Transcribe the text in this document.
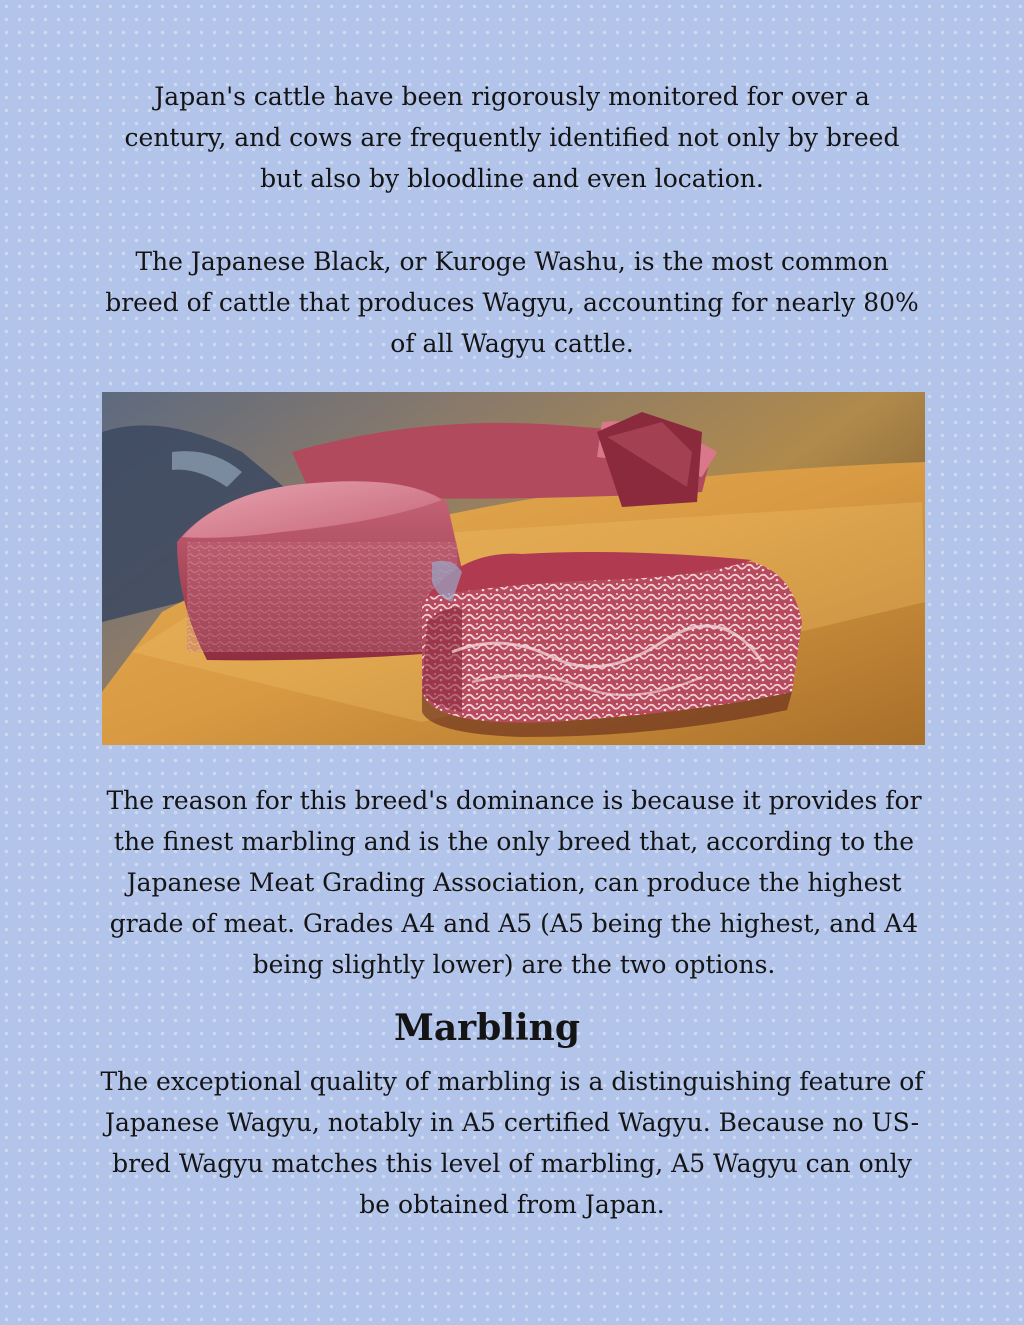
Japan's cattle have been rigorously monitored for over a century, and cows are frequently identified not only by breed but also by bloodline and even location.

The Japanese Black, or Kuroge Washu, is the most common breed of cattle that produces Wagyu, accounting for nearly 80% of all Wagyu cattle.

The reason for this breed's dominance is because it provides for the finest marbling and is the only breed that, according to the Japanese Meat Grading Association, can produce the highest grade of meat. Grades A4 and A5 (A5 being the highest, and A4 being slightly lower) are the two options.

Marbling

The exceptional quality of marbling is a distinguishing feature of Japanese Wagyu, notably in A5 certified Wagyu. Because no US-bred Wagyu matches this level of marbling, A5 Wagyu can only be obtained from Japan.
